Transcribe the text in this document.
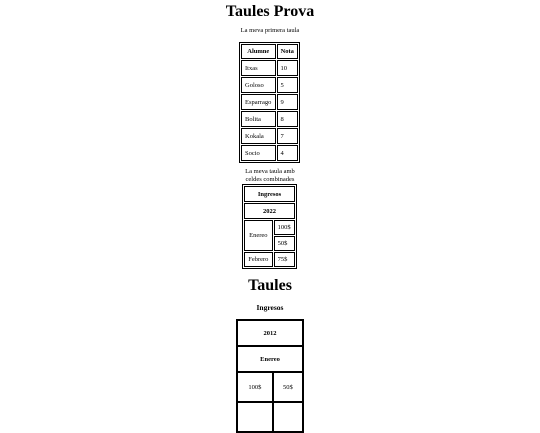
Taules Prova
La meva primera taula
Alumne	Nota
Itxas	10
Goloso	5
Esparrago	9
Bolita	8
Kokala	7
Socio	4
La meva taula amb celdes combinades
Ingresos	
2022	
Enereo	100$
	50$
Febrero	75$
Taules
Ingresos
2012	
Enereo	
100$	50$
